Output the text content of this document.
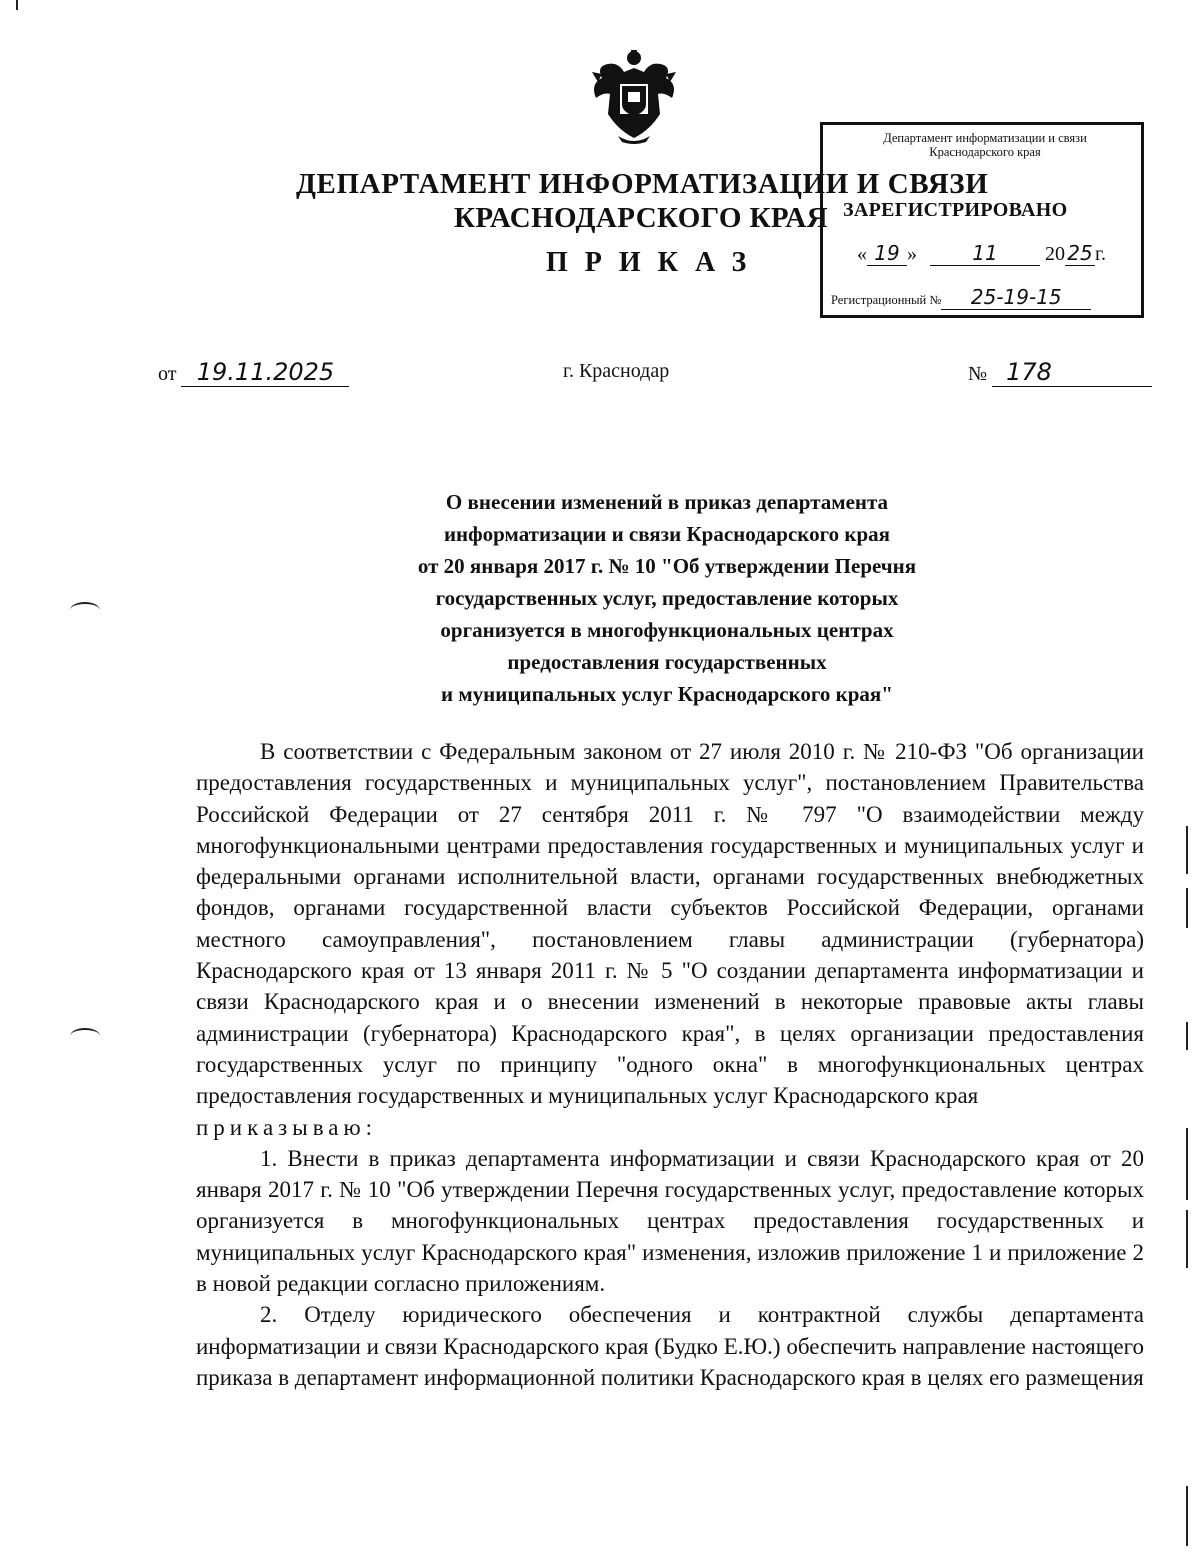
ДЕПАРТАМЕНТ ИНФОРМАТИЗАЦИИ И СВЯЗИ
КРАСНОДАРСКОГО КРАЯ
ПРИКАЗ
Департамент информатизации и связи
Краснодарского края
ЗАРЕГИСТРИРОВАНО
« 19 »	11 20 25 г.
Регистрационный № 25-19-15
от 19.11.2025	г. Краснодар	№ 178
О внесении изменений в приказ департамента
информатизации и связи Краснодарского края
от 20 января 2017 г. № 10 "Об утверждении Перечня
государственных услуг, предоставление которых
организуется в многофункциональных центрах
предоставления государственных
и муниципальных услуг Краснодарского края"

В соответствии с Федеральным законом от 27 июля 2010 г. № 210-ФЗ "Об организации предоставления государственных и муниципальных услуг", постановлением Правительства Российской Федерации от 27 сентября 2011 г. № 797 "О взаимодействии между многофункциональными центрами предоставления государственных и муниципальных услуг и федеральными органами исполнительной власти, органами государственных внебюджетных фондов, органами государственной власти субъектов Российской Федерации, органами местного самоуправления", постановлением главы администрации (губернатора) Краснодарского края от 13 января 2011 г. № 5 "О создании департамента информатизации и связи Краснодарского края и о внесении изменений в некоторые правовые акты главы администрации (губернатора) Краснодарского края", в целях организации предоставления государственных услуг по принципу "одного окна" в многофункциональных центрах предоставления государственных и муниципальных услуг Краснодарского края

приказываю:

1. Внести в приказ департамента информатизации и связи Краснодарского края от 20 января 2017 г. № 10 "Об утверждении Перечня государственных услуг, предоставление которых организуется в многофункциональных центрах предоставления государственных и муниципальных услуг Краснодарского края" изменения, изложив приложение 1 и приложение 2 в новой редакции согласно приложениям.

2. Отделу юридического обеспечения и контрактной службы департамента информатизации и связи Краснодарского края (Будко Е.Ю.) обеспечить направление настоящего приказа в департамент информационной политики Краснодарского края в целях его размещения
